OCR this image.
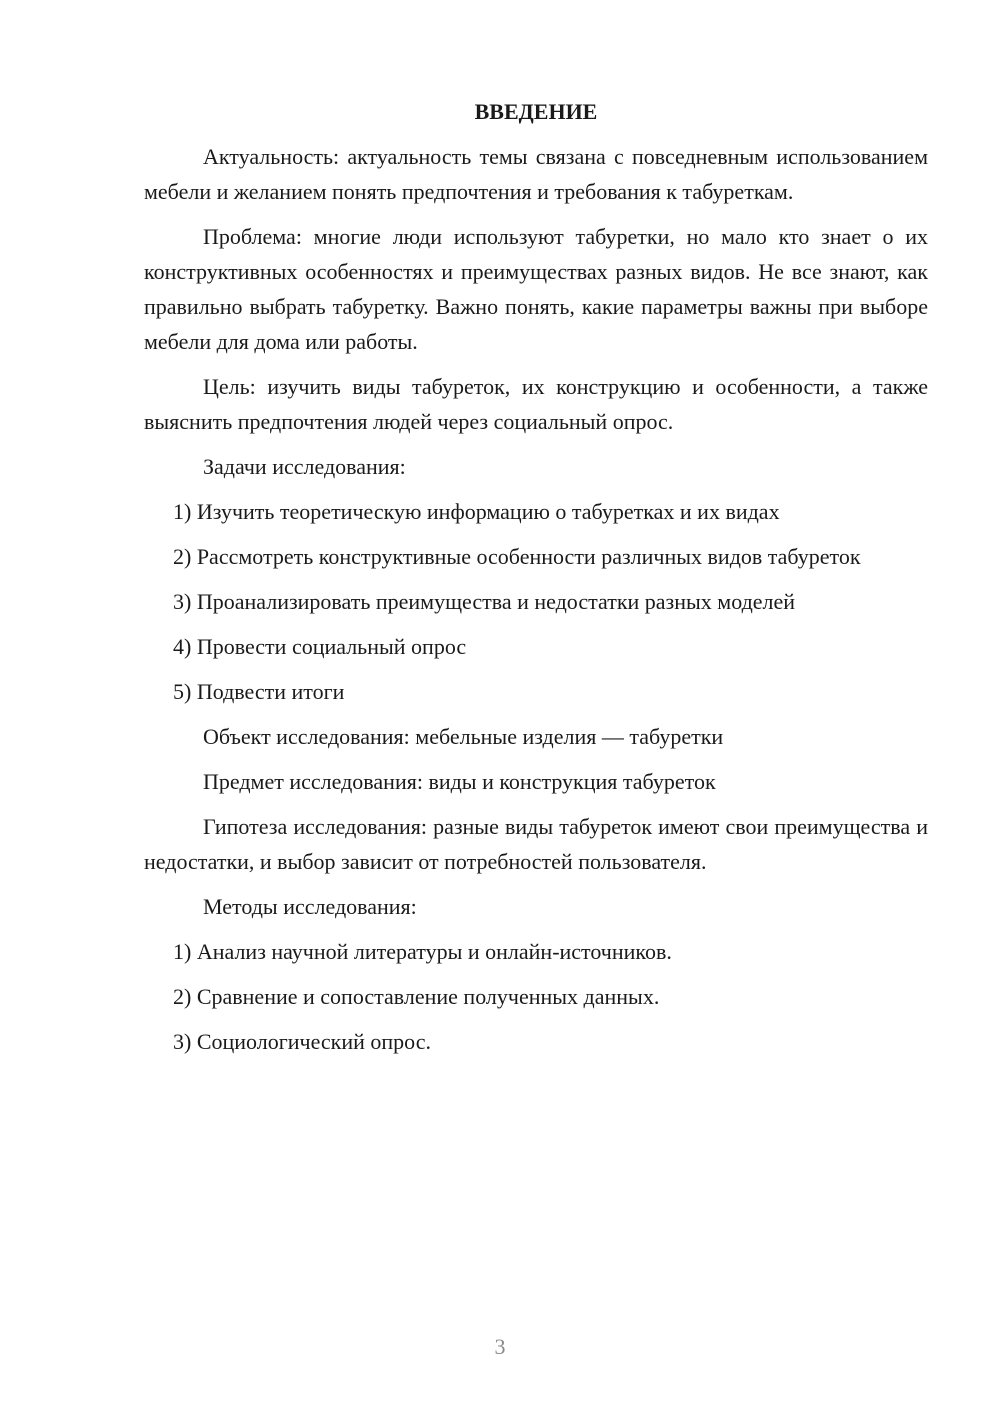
ВВЕДЕНИЕ

Актуальность: актуальность темы связана с повседневным использованием мебели и желанием понять предпочтения и требования к табуреткам.

Проблема: многие люди используют табуретки, но мало кто знает о их конструктивных особенностях и преимуществах разных видов. Не все знают, как правильно выбрать табуретку. Важно понять, какие параметры важны при выборе мебели для дома или работы.

Цель: изучить виды табуреток, их конструкцию и особенности, а также выяснить предпочтения людей через социальный опрос.

Задачи исследования:

1) Изучить теоретическую информацию о табуретках и их видах

2) Рассмотреть конструктивные особенности различных видов табуреток

3) Проанализировать преимущества и недостатки разных моделей

4) Провести социальный опрос

5) Подвести итоги

Объект исследования: мебельные изделия — табуретки

Предмет исследования: виды и конструкция табуреток

Гипотеза исследования: разные виды табуреток имеют свои преимущества и недостатки, и выбор зависит от потребностей пользователя.

Методы исследования:

1) Анализ научной литературы и онлайн-источников.

2) Сравнение и сопоставление полученных данных.

3) Социологический опрос.

3
